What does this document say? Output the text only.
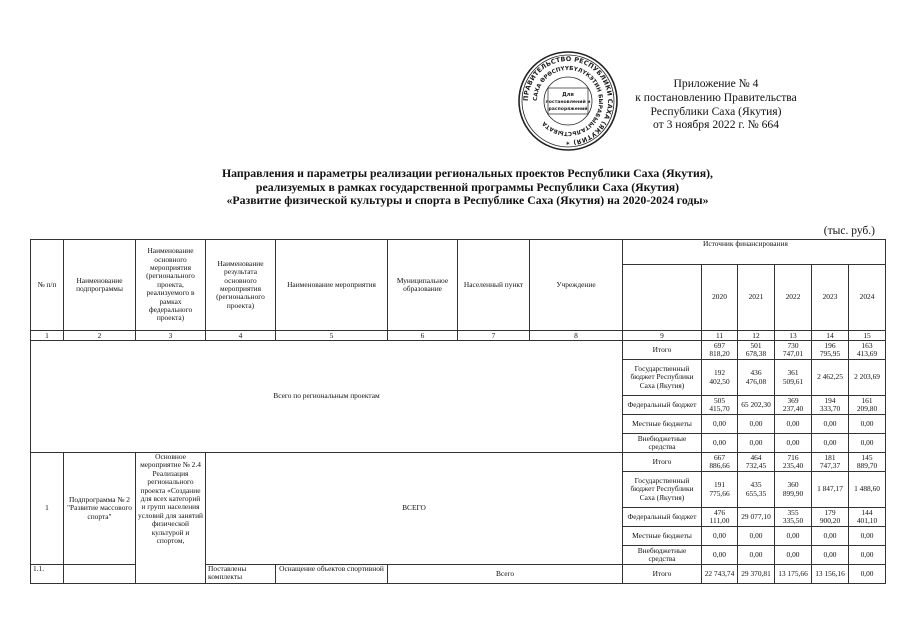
ПРАВИТЕЛЬСТВО РЕСПУБЛИКИ САХА (ЯКУТИЯ) ✶
САХА ӨРӨСПҮҮБҮЛҮКЭТИН БЫРАБЫЫТАЛЬСТЫБАТА
Для
постановлений и
распоряжений
Приложение № 4
к постановлению Правительства
Республики Саха (Якутия)
от 3 ноября 2022 г. № 664
Направления и параметры реализации региональных проектов Республики Саха (Якутия),
реализуемых в рамках государственной программы Республики Саха (Якутия)
«Развитие физической культуры и спорта в Республике Саха (Якутия) на 2020-2024 годы»
(тыс. руб.)
№ п/п	Наименование подпрограммы	Наименование основного мероприятия (регионального проекта, реализуемого в рамках федерального проекта)	Наименование результата основного мероприятия (регионального проекта)	Наименование мероприятия	Муниципальное образование	Населенный пункт	Учреждение	Источник финансирования					
									2020	2021	2022	2023	2024
1	2	3	4	5	6	7	8	9	11	12	13	14	15
Всего по региональным проектам								Итого	697 818,20	501 678,38	730 747,01	196 795,95	163 413,69
								Государственный бюджет Республики Саха (Якутия)	192 402,50	436 476,08	361 509,61	2 462,25	2 203,69
								Федеральный бюджет	505 415,70	65 202,30	369 237,40	194 333,70	161 209,80
								Местные бюджеты	0,00	0,00	0,00	0,00	0,00
								Внебюджетные средства	0,00	0,00	0,00	0,00	0,00
1	Подпрограмма № 2 "Развитие массового спорта"	Основное мероприятие № 2.4 Реализация регионального проекта «Создание для всех категорий и групп населения условий для занятий физической культурой и спортом,	ВСЕГО					Итого	667 886,66	464 732,45	716 235,40	181 747,37	145 889,70
								Государственный бюджет Республики Саха (Якутия)	191 775,66	435 655,35	360 899,90	1 847,17	1 488,60
								Федеральный бюджет	476 111,00	29 077,10	355 335,50	179 900,20	144 401,10
								Местные бюджеты	0,00	0,00	0,00	0,00	0,00
								Внебюджетные средства	0,00	0,00	0,00	0,00	0,00
1.1.			Поставлены комплекты	Оснащение объектов спортивной	Всего			Итого	22 743,74	29 370,81	13 175,66	13 156,16	0,00
